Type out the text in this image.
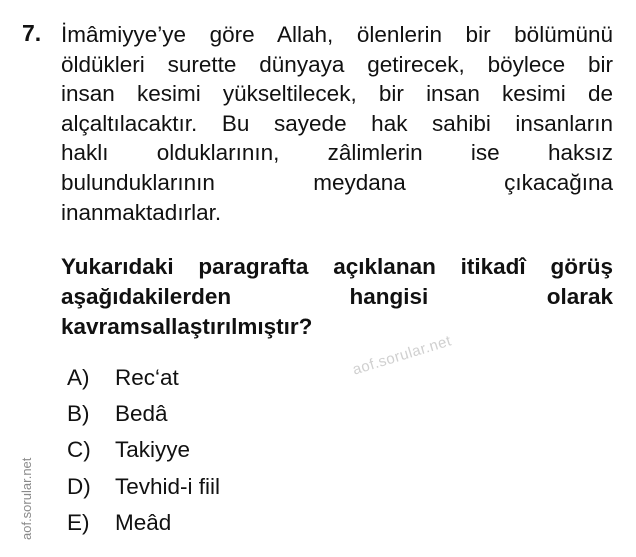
7. İmâmiyye’ye göre Allah, ölenlerin bir bölümünü
öldükleri surette dünyaya getirecek, böylece bir
insan kesimi yükseltilecek, bir insan kesimi de
alçaltılacaktır. Bu sayede hak sahibi insanların
haklı olduklarının, zâlimlerin ise haksız
bulunduklarının meydana çıkacağına
inanmaktadırlar.
Yukarıdaki paragrafta açıklanan itikadî görüş
aşağıdakilerden hangisi olarak
kavramsallaştırılmıştır?
aof.sorular.net
A)	Rec‘at
B)	Bedâ
C)	Takiyye
D)	Tevhid-i fiil
E)	Meâd
aof.sorular.net
